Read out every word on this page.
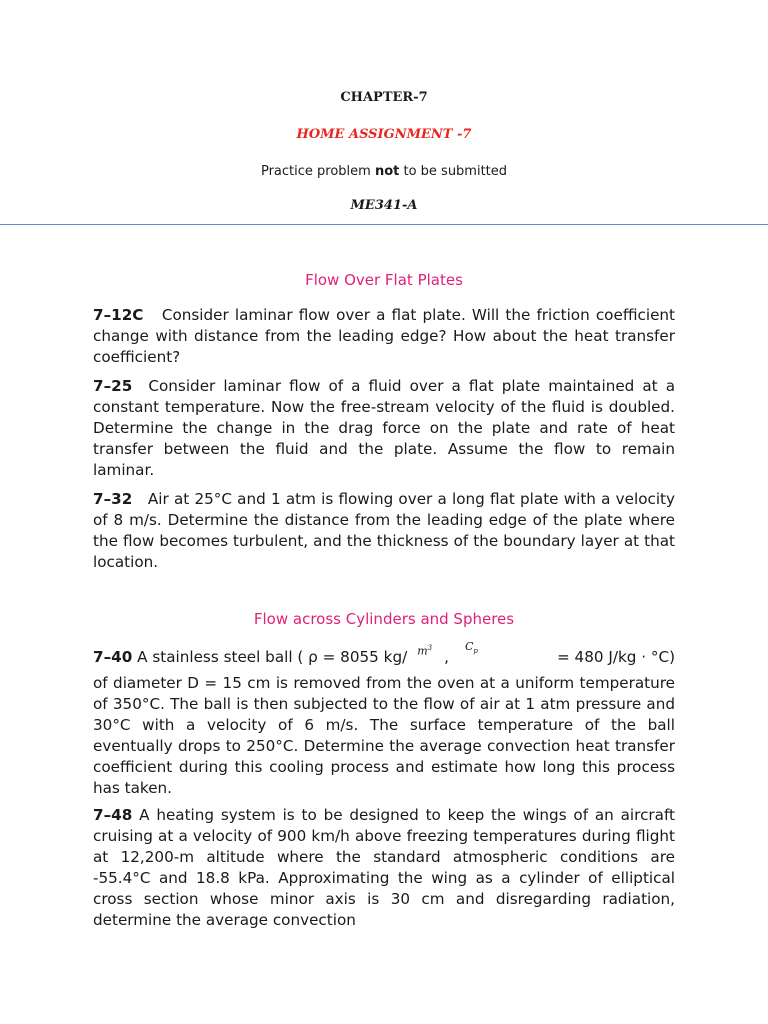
CHAPTER-7
HOME ASSIGNMENT -7
Practice problem not to be submitted
ME341-A
Flow Over Flat Plates
7–12C Consider laminar flow over a flat plate. Will the friction coefficient change with distance from the leading edge? How about the heat transfer coefficient?
7–25 Consider laminar flow of a fluid over a flat plate maintained at a constant temperature. Now the free-stream velocity of the fluid is doubled. Determine the change in the drag force on the plate and rate of heat transfer between the fluid and the plate. Assume the flow to remain laminar.
7–32 Air at 25°C and 1 atm is flowing over a long flat plate with a velocity of 8 m/s. Determine the distance from the leading edge of the plate where the flow becomes turbulent, and the thickness of the boundary layer at that location.
Flow across Cylinders and Spheres
7–40
A stainless steel ball ( ρ = 8055 kg/ $m^3$ ,
$C_p$	= 480 J/kg · °C)
of diameter D = 15 cm is removed from the oven at a uniform temperature of 350°C. The ball is then subjected to the flow of air at 1 atm pressure and 30°C with a velocity of 6 m/s. The surface temperature of the ball eventually drops to 250°C. Determine the average convection heat transfer coefficient during this cooling process and estimate how long this process has taken.
7–48 A heating system is to be designed to keep the wings of an aircraft cruising at a velocity of 900 km/h above freezing temperatures during flight at 12,200-m altitude where the standard atmospheric conditions are -55.4°C and 18.8 kPa. Approximating the wing as a cylinder of elliptical cross section whose minor axis is 30 cm and disregarding radiation, determine the average convection
